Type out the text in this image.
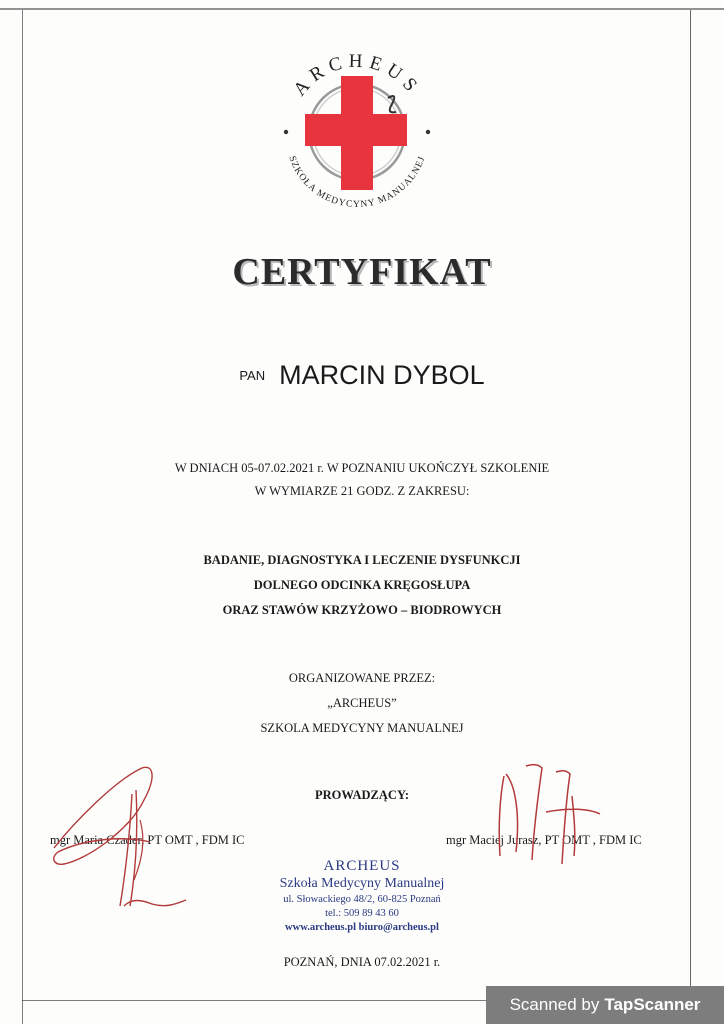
ARCHEUS
SZKOŁA MEDYCYNY MANUALNEJ
CERTYFIKAT
PAN MARCIN DYBOL
W DNIACH 05-07.02.2021 r. W POZNANIU UKOŃCZYŁ SZKOLENIE
W WYMIARZE 21 GODZ. Z ZAKRESU:
BADANIE, DIAGNOSTYKA I LECZENIE DYSFUNKCJI
DOLNEGO ODCINKA KRĘGOSŁUPA
ORAZ STAWÓW KRZYŻOWO – BIODROWYCH
ORGANIZOWANE PRZEZ:
„ARCHEUS”
SZKOLA MEDYCYNY MANUALNEJ
PROWADZĄCY:
mgr Maria Czader, PT OMT , FDM IC	mgr Maciej Jurasz, PT OMT , FDM IC
ARCHEUS
Szkoła Medycyny Manualnej
ul. Słowackiego 48/2, 60-825 Poznań
tel.: 509 89 43 60
www.archeus.pl biuro@archeus.pl
POZNAŃ, DNIA 07.02.2021 r.
Scanned by TapScanner
